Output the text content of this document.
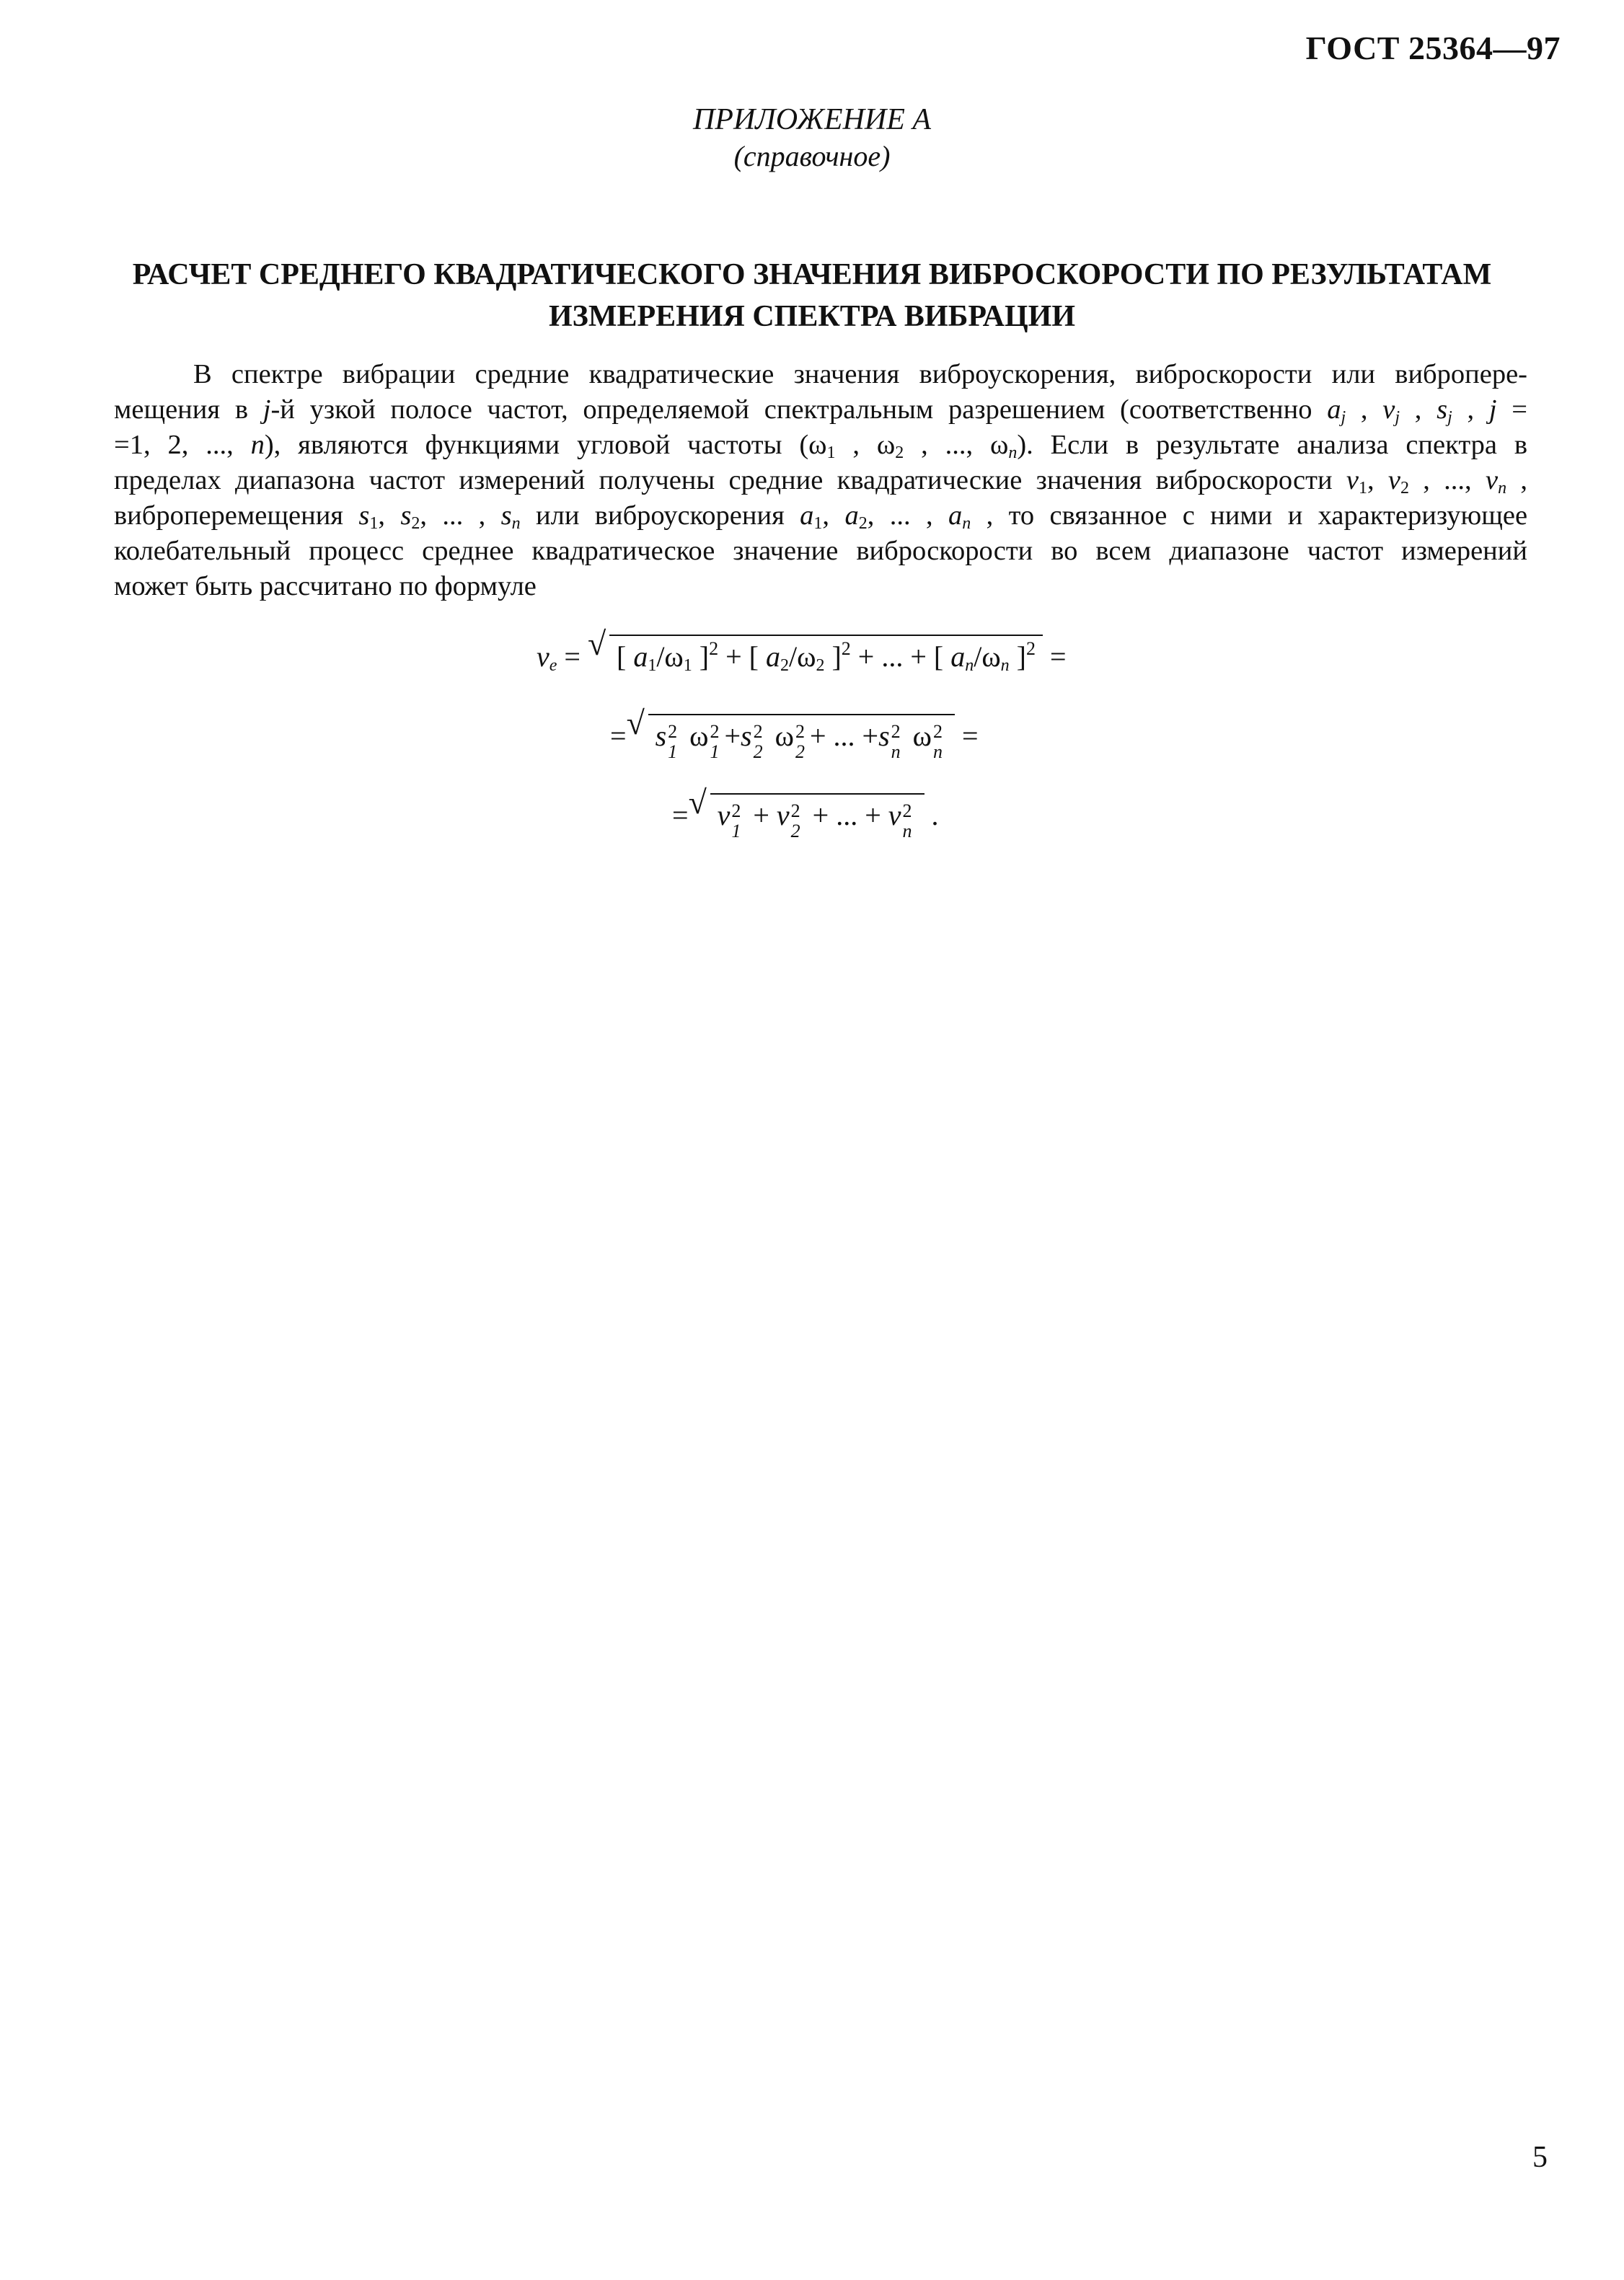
ГОСТ 25364—97
ПРИЛОЖЕНИЕ А
(справочное)
РАСЧЕТ СРЕДНЕГО КВАДРАТИЧЕСКОГО ЗНАЧЕНИЯ ВИБРОСКОРОСТИ ПО РЕЗУЛЬТАТАМ
ИЗМЕРЕНИЯ СПЕКТРА ВИБРАЦИИ
В спектре вибрации средние квадратические значения виброускорения, виброскорости или вибропере-
мещения в j-й узкой полосе частот, определяемой спектральным разрешением (соответственно $a_j$ , $v_j$ , $s_j$ , j =
=1, 2, ..., n), являются функциями угловой частоты ($\omega_1$ , $\omega_2$ , ..., $\omega_n$). Если в результате анализа спектра в
пределах диапазона частот измерений получены средние квадратические значения виброскорости $v_1$, $v_2$ , ..., $v_n$ ,
виброперемещения $s_1$, $s_2$, ... , $s_n$ или виброускорения $a_1$, $a_2$, ... , $a_n$ , то связанное с ними и характеризующее
колебательный процесс среднее квадратическое значение виброскорости во всем диапазоне частот измерений
может быть рассчитано по формуле
$v_e$ = √ [ $a_1/\omega_1$ ]$^2$ + [ $a_2/\omega_2$ ]$^2$ + ... + [ $a_n/\omega_n$ ]$^2$ =
= √ s 2
1 ω 2
1 +s 2
2 ω 2
2 + ... +s 2
n ω 2
n =
= √ v 2
1 + v 2
2 + ... + v 2
n .
5
